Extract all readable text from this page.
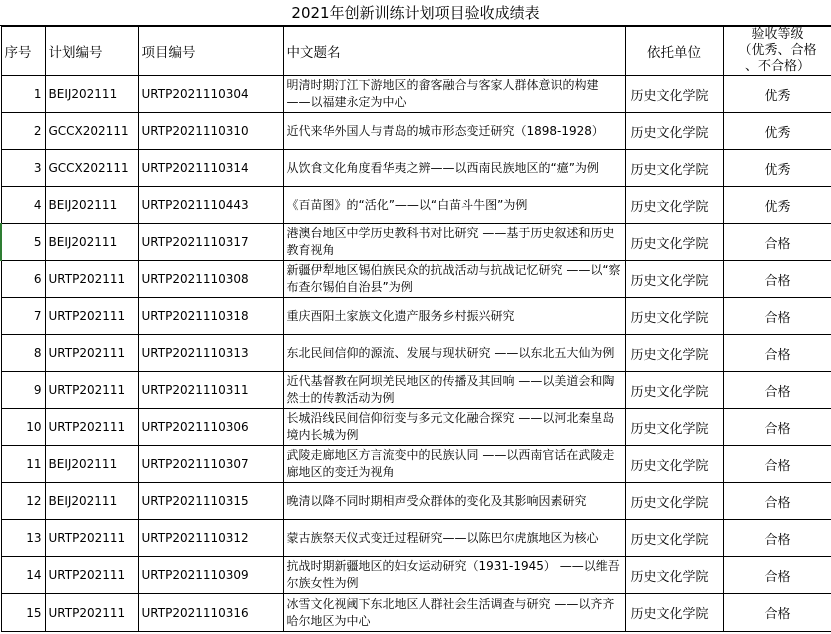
2021年创新训练计划项目验收成绩表
序号	计划编号	项目编号	中文题名	依托单位	验收等级
（优秀、合格
、不合格）
1	BEIJ202111	URTP2021110304	明清时期汀江下游地区的畲客融合与客家人群体意识的构建 ——以福建永定为中心	历史文化学院	优秀
2	GCCX202111	URTP2021110310	近代来华外国人与青岛的城市形态变迁研究（1898-1928）	历史文化学院	优秀
3	GCCX202111	URTP2021110314	从饮食文化角度看华夷之辨——以西南民族地区的“癔”为例	历史文化学院	优秀
4	BEIJ202111	URTP2021110443	《百苗图》的“活化”——以“白苗斗牛图”为例	历史文化学院	优秀
5	BEIJ202111	URTP2021110317	港澳台地区中学历史教科书对比研究 ——基于历史叙述和历史教育视角	历史文化学院	合格
6	URTP202111	URTP2021110308	新疆伊犁地区锡伯族民众的抗战活动与抗战记忆研究 ——以“察布查尔锡伯自治县”为例	历史文化学院	合格
7	URTP202111	URTP2021110318	重庆酉阳土家族文化遗产服务乡村振兴研究	历史文化学院	合格
8	URTP202111	URTP2021110313	东北民间信仰的源流、发展与现状研究 ——以东北五大仙为例	历史文化学院	合格
9	URTP202111	URTP2021110311	近代基督教在阿坝羌民地区的传播及其回响 ——以美道会和陶然士的传教活动为例	历史文化学院	合格
10	URTP202111	URTP2021110306	长城沿线民间信仰衍变与多元文化融合探究 ——以河北秦皇岛境内长城为例	历史文化学院	合格
11	BEIJ202111	URTP2021110307	武陵走廊地区方言流变中的民族认同 ——以西南官话在武陵走廊地区的变迁为视角	历史文化学院	合格
12	BEIJ202111	URTP2021110315	晚清以降不同时期相声受众群体的变化及其影响因素研究	历史文化学院	合格
13	URTP202111	URTP2021110312	蒙古族祭天仪式变迁过程研究——以陈巴尔虎旗地区为核心	历史文化学院	合格
14	URTP202111	URTP2021110309	抗战时期新疆地区的妇女运动研究（1931-1945） ——以维吾尔族女性为例	历史文化学院	合格
15	URTP202111	URTP2021110316	冰雪文化视阈下东北地区人群社会生活调查与研究 ——以齐齐哈尔地区为中心	历史文化学院	合格
